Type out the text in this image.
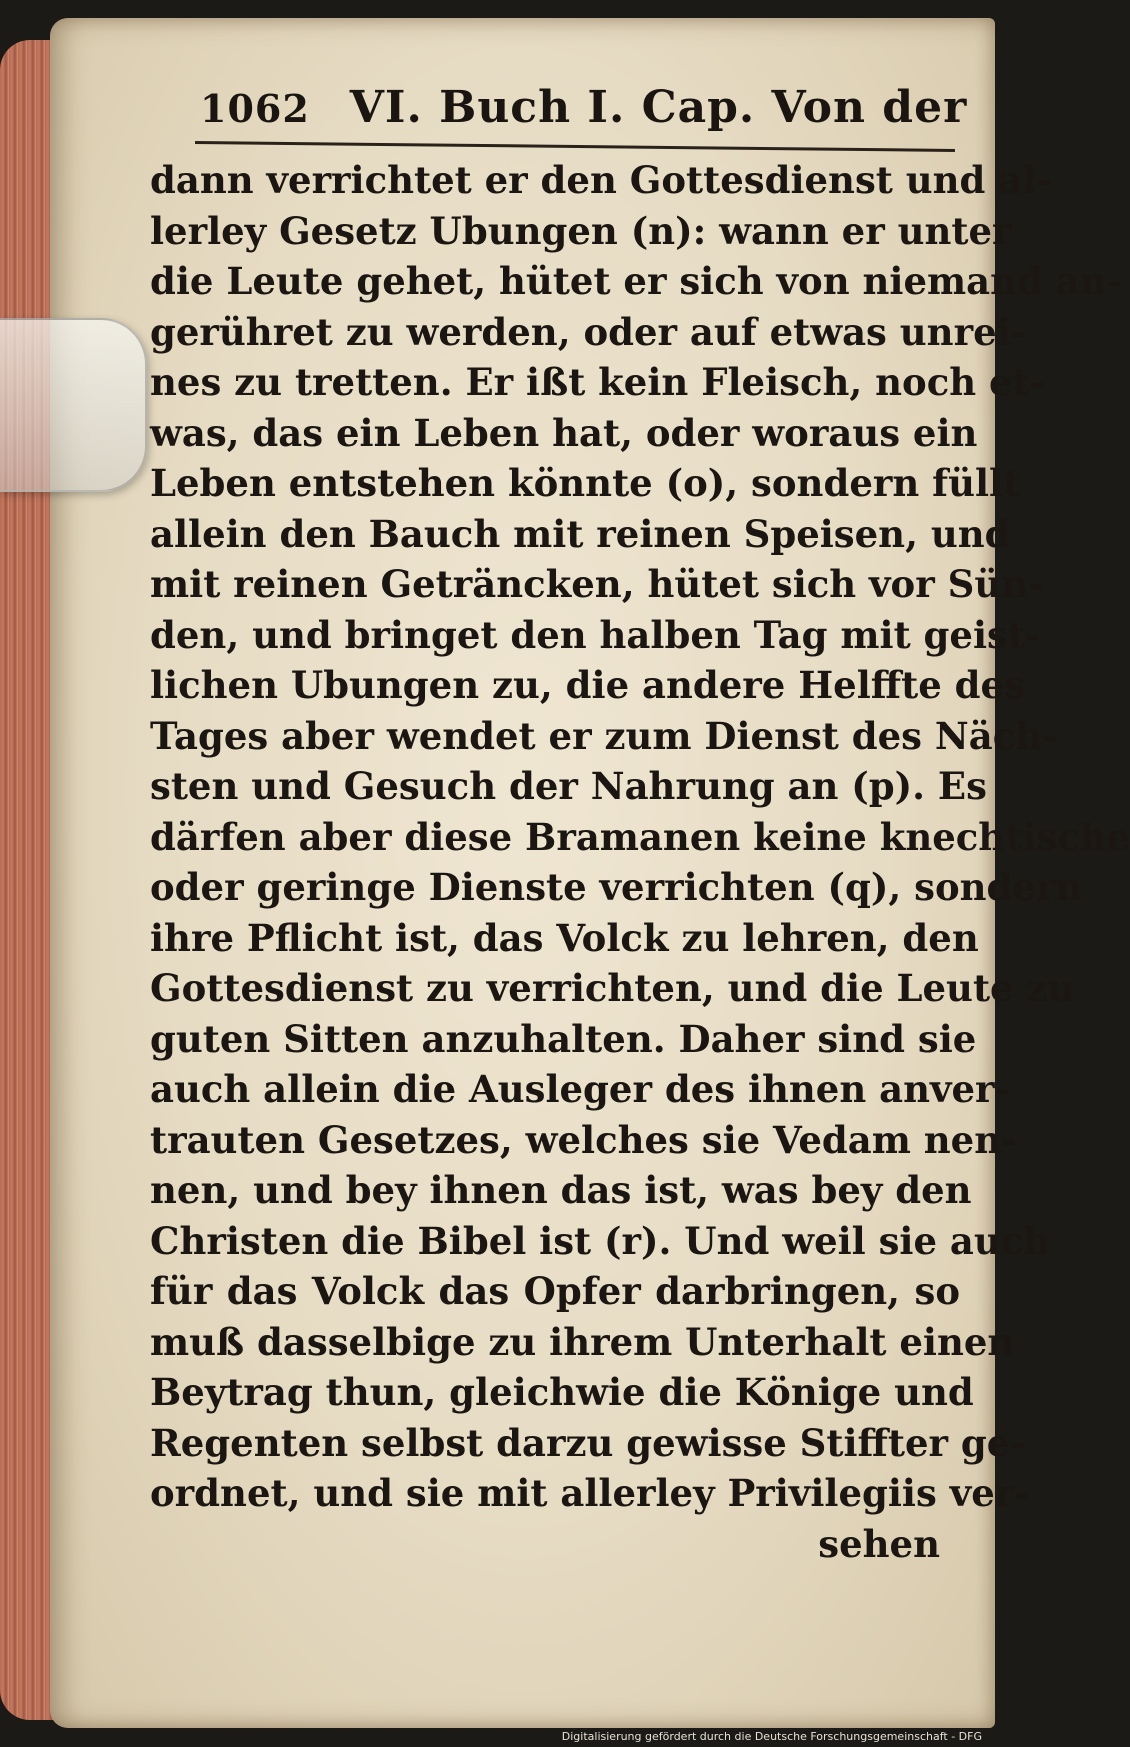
1062 VI. Buch I. Cap. Von der
dann verrichtet er den Gottesdienst und al-
lerley Gesetz Ubungen (n): wann er unter
die Leute gehet, hütet er sich von niemand an-
gerühret zu werden, oder auf etwas unrei-
nes zu tretten. Er ißt kein Fleisch, noch et-
was, das ein Leben hat, oder woraus ein
Leben entstehen könnte (o), sondern füllt
allein den Bauch mit reinen Speisen, und
mit reinen Geträncken, hütet sich vor Sün-
den, und bringet den halben Tag mit geist-
lichen Ubungen zu, die andere Helffte des
Tages aber wendet er zum Dienst des Näch-
sten und Gesuch der Nahrung an (p). Es
därfen aber diese Bramanen keine knechtische
oder geringe Dienste verrichten (q), sondern
ihre Pflicht ist, das Volck zu lehren, den
Gottesdienst zu verrichten, und die Leute zu
guten Sitten anzuhalten. Daher sind sie
auch allein die Ausleger des ihnen anver-
trauten Gesetzes, welches sie Vedam nen-
nen, und bey ihnen das ist, was bey den
Christen die Bibel ist (r). Und weil sie auch
für das Volck das Opfer darbringen, so
muß dasselbige zu ihrem Unterhalt einen
Beytrag thun, gleichwie die Könige und
Regenten selbst darzu gewisse Stiffter ge-
ordnet, und sie mit allerley Privilegiis ver-
sehen
Digitalisierung gefördert durch die Deutsche Forschungsgemeinschaft - DFG
